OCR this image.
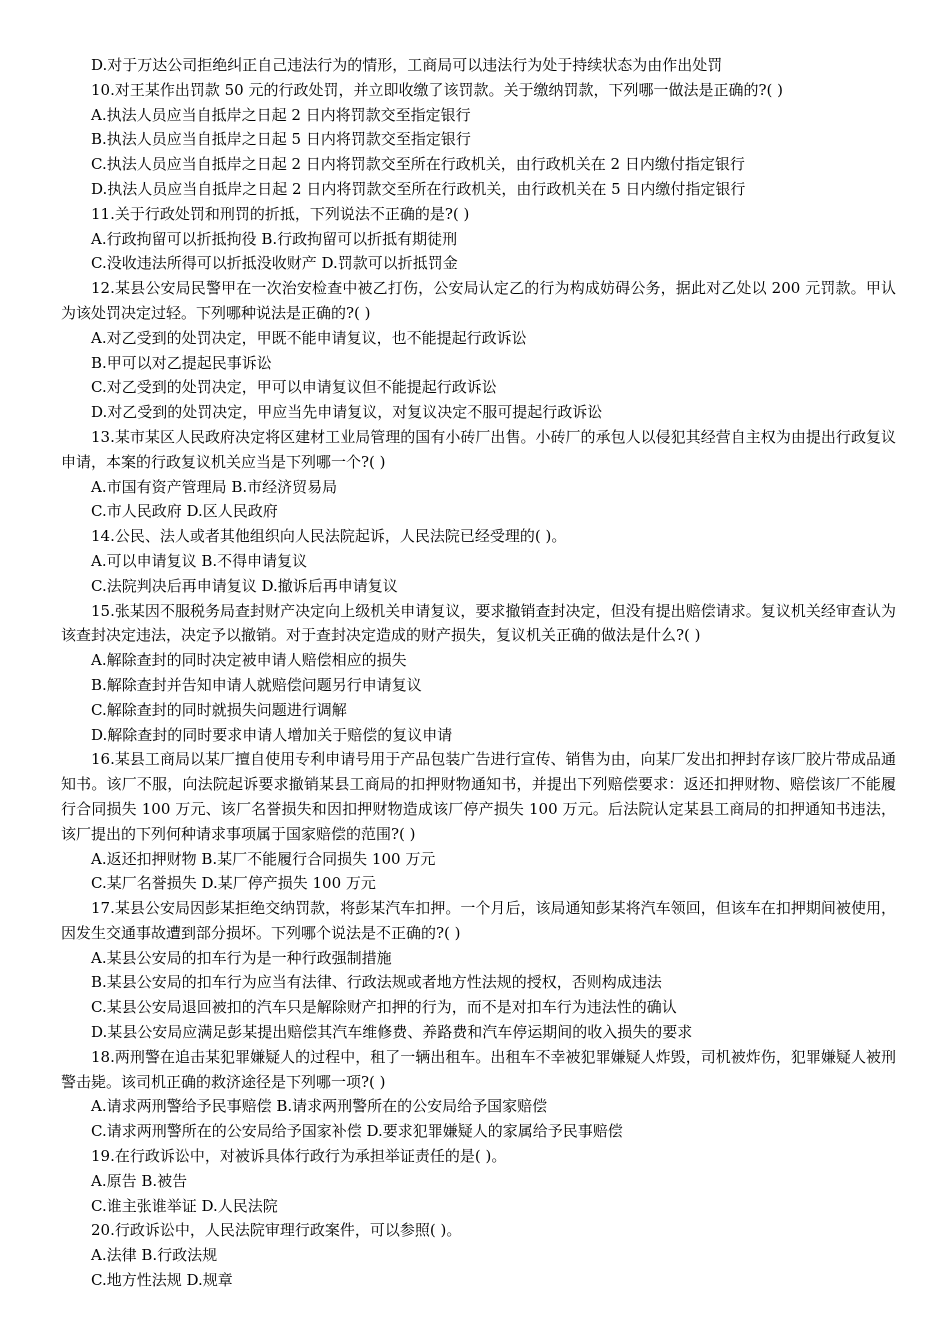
D.对于万达公司拒绝纠正自己违法行为的情形，工商局可以违法行为处于持续状态为由作出处罚
10.对王某作出罚款 50 元的行政处罚，并立即收缴了该罚款。关于缴纳罚款，下列哪一做法是正确的?( )
A.执法人员应当自抵岸之日起 2 日内将罚款交至指定银行
B.执法人员应当自抵岸之日起 5 日内将罚款交至指定银行
C.执法人员应当自抵岸之日起 2 日内将罚款交至所在行政机关，由行政机关在 2 日内缴付指定银行
D.执法人员应当自抵岸之日起 2 日内将罚款交至所在行政机关，由行政机关在 5 日内缴付指定银行
11.关于行政处罚和刑罚的折抵，下列说法不正确的是?( )
A.行政拘留可以折抵拘役 B.行政拘留可以折抵有期徒刑
C.没收违法所得可以折抵没收财产 D.罚款可以折抵罚金
12.某县公安局民警甲在一次治安检查中被乙打伤，公安局认定乙的行为构成妨碍公务，据此对乙处以 200 元罚款。甲认为该处罚决定过轻。下列哪种说法是正确的?( )
A.对乙受到的处罚决定，甲既不能申请复议，也不能提起行政诉讼
B.甲可以对乙提起民事诉讼
C.对乙受到的处罚决定，甲可以申请复议但不能提起行政诉讼
D.对乙受到的处罚决定，甲应当先申请复议，对复议决定不服可提起行政诉讼
13.某市某区人民政府决定将区建材工业局管理的国有小砖厂出售。小砖厂的承包人以侵犯其经营自主权为由提出行政复议申请，本案的行政复议机关应当是下列哪一个?( )
A.市国有资产管理局 B.市经济贸易局
C.市人民政府 D.区人民政府
14.公民、法人或者其他组织向人民法院起诉，人民法院已经受理的( )。
A.可以申请复议 B.不得申请复议
C.法院判决后再申请复议 D.撤诉后再申请复议
15.张某因不服税务局查封财产决定向上级机关申请复议，要求撤销查封决定，但没有提出赔偿请求。复议机关经审查认为该查封决定违法，决定予以撤销。对于查封决定造成的财产损失，复议机关正确的做法是什么?( )
A.解除查封的同时决定被申请人赔偿相应的损失
B.解除查封并告知申请人就赔偿问题另行申请复议
C.解除查封的同时就损失问题进行调解
D.解除查封的同时要求申请人增加关于赔偿的复议申请
16.某县工商局以某厂擅自使用专利申请号用于产品包装广告进行宣传、销售为由，向某厂发出扣押封存该厂胶片带成品通知书。该厂不服，向法院起诉要求撤销某县工商局的扣押财物通知书，并提出下列赔偿要求：返还扣押财物、赔偿该厂不能履行合同损失 100 万元、该厂名誉损失和因扣押财物造成该厂停产损失 100 万元。后法院认定某县工商局的扣押通知书违法，该厂提出的下列何种请求事项属于国家赔偿的范围?( )
A.返还扣押财物 B.某厂不能履行合同损失 100 万元
C.某厂名誉损失 D.某厂停产损失 100 万元
17.某县公安局因彭某拒绝交纳罚款，将彭某汽车扣押。一个月后，该局通知彭某将汽车领回，但该车在扣押期间被使用，因发生交通事故遭到部分损坏。下列哪个说法是不正确的?( )
A.某县公安局的扣车行为是一种行政强制措施
B.某县公安局的扣车行为应当有法律、行政法规或者地方性法规的授权，否则构成违法
C.某县公安局退回被扣的汽车只是解除财产扣押的行为，而不是对扣车行为违法性的确认
D.某县公安局应满足彭某提出赔偿其汽车维修费、养路费和汽车停运期间的收入损失的要求
18.两刑警在追击某犯罪嫌疑人的过程中，租了一辆出租车。出租车不幸被犯罪嫌疑人炸毁，司机被炸伤，犯罪嫌疑人被刑警击毙。该司机正确的救济途径是下列哪一项?( )
A.请求两刑警给予民事赔偿 B.请求两刑警所在的公安局给予国家赔偿
C.请求两刑警所在的公安局给予国家补偿 D.要求犯罪嫌疑人的家属给予民事赔偿
19.在行政诉讼中，对被诉具体行政行为承担举证责任的是( )。
A.原告 B.被告
C.谁主张谁举证 D.人民法院
20.行政诉讼中，人民法院审理行政案件，可以参照( )。
A.法律 B.行政法规
C.地方性法规 D.规章
